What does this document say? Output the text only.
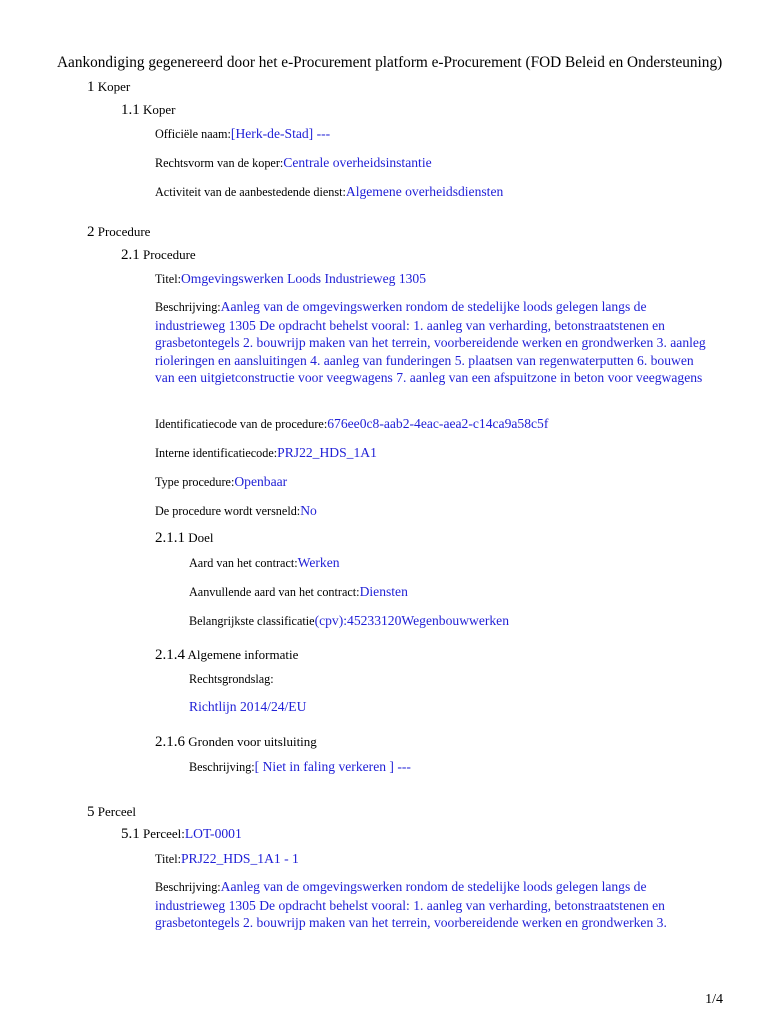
Aankondiging gegenereerd door het e-Procurement platform e-Procurement (FOD Beleid en Ondersteuning)
1 Koper
1.1 Koper
Officiële naam:[Herk-de-Stad] ---
Rechtsvorm van de koper:Centrale overheidsinstantie
Activiteit van de aanbestedende dienst:Algemene overheidsdiensten
2 Procedure
2.1 Procedure
Titel:Omgevingswerken Loods Industrieweg 1305
Beschrijving:Aanleg van de omgevingswerken rondom de stedelijke loods gelegen langs de industrieweg 1305 De opdracht behelst vooral: 1. aanleg van verharding, betonstraatstenen en grasbetontegels 2. bouwrijp maken van het terrein, voorbereidende werken en grondwerken 3. aanleg rioleringen en aansluitingen 4. aanleg van funderingen 5. plaatsen van regenwaterputten 6. bouwen van een uitgietconstructie voor veegwagens 7. aanleg van een afspuitzone in beton voor veegwagens
Identificatiecode van de procedure:676ee0c8-aab2-4eac-aea2-c14ca9a58c5f
Interne identificatiecode:PRJ22_HDS_1A1
Type procedure:Openbaar
De procedure wordt versneld:No
2.1.1 Doel
Aard van het contract:Werken
Aanvullende aard van het contract:Diensten
Belangrijkste classificatie(cpv):45233120Wegenbouwwerken
2.1.4 Algemene informatie
Rechtsgrondslag:
Richtlijn 2014/24/EU
2.1.6 Gronden voor uitsluiting
Beschrijving:[ Niet in faling verkeren ] ---
5 Perceel
5.1 Perceel:LOT-0001
Titel:PRJ22_HDS_1A1 - 1
Beschrijving:Aanleg van de omgevingswerken rondom de stedelijke loods gelegen langs de industrieweg 1305 De opdracht behelst vooral: 1. aanleg van verharding, betonstraatstenen en grasbetontegels 2. bouwrijp maken van het terrein, voorbereidende werken en grondwerken 3.
1/4
